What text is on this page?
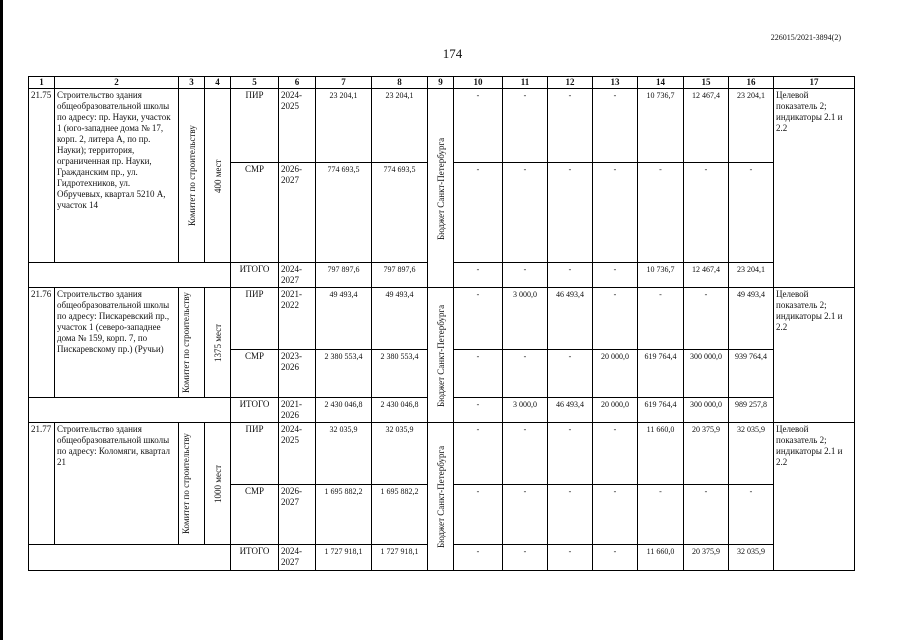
226015/2021-3894(2)
174
1	2	3	4	5	6	7	8	9	10	11	12	13	14	15	16	17
21.75	Строительство здания общеобразовательной школы по адресу: пр. Науки, участок 1 (юго-западнее дома № 17, корп. 2, литера А, по пр. Науки); территория, ограниченная пр. Науки, Гражданским пр., ул. Гидротехников, ул. Обручевых, квартал 5210 А, участок 14	Комитет по строительству	400 мест	ПИР	2024-2025	23 204,1	23 204,1	Бюджет Санкт-Петербурга	-	-	-	-	10 736,7	12 467,4	23 204,1	Целевой показатель 2; индикаторы 2.1 и 2.2
				СМР	2026-2027	774 693,5	774 693,5		-	-	-	-	-	-	-	
				ИТОГО	2024-2027	797 897,6	797 897,6		-	-	-	-	10 736,7	12 467,4	23 204,1	
21.76	Строительство здания общеобразовательной школы по адресу: Пискаревский пр., участок 1 (северо-западнее дома № 159, корп. 7, по Пискаревскому пр.) (Ручьи)	Комитет по строительству	1375 мест	ПИР	2021-2022	49 493,4	49 493,4	Бюджет Санкт-Петербурга	-	3 000,0	46 493,4	-	-	-	49 493,4	Целевой показатель 2; индикаторы 2.1 и 2.2
				СМР	2023-2026	2 380 553,4	2 380 553,4		-	-	-	20 000,0	619 764,4	300 000,0	939 764,4	
				ИТОГО	2021-2026	2 430 046,8	2 430 046,8		-	3 000,0	46 493,4	20 000,0	619 764,4	300 000,0	989 257,8	
21.77	Строительство здания общеобразовательной школы по адресу: Коломяги, квартал 21	Комитет по строительству	1000 мест	ПИР	2024-2025	32 035,9	32 035,9	Бюджет Санкт-Петербурга	-	-	-	-	11 660,0	20 375,9	32 035,9	Целевой показатель 2; индикаторы 2.1 и 2.2
				СМР	2026-2027	1 695 882,2	1 695 882,2		-	-	-	-	-	-	-	
				ИТОГО	2024-2027	1 727 918,1	1 727 918,1		-	-	-	-	11 660,0	20 375,9	32 035,9	
